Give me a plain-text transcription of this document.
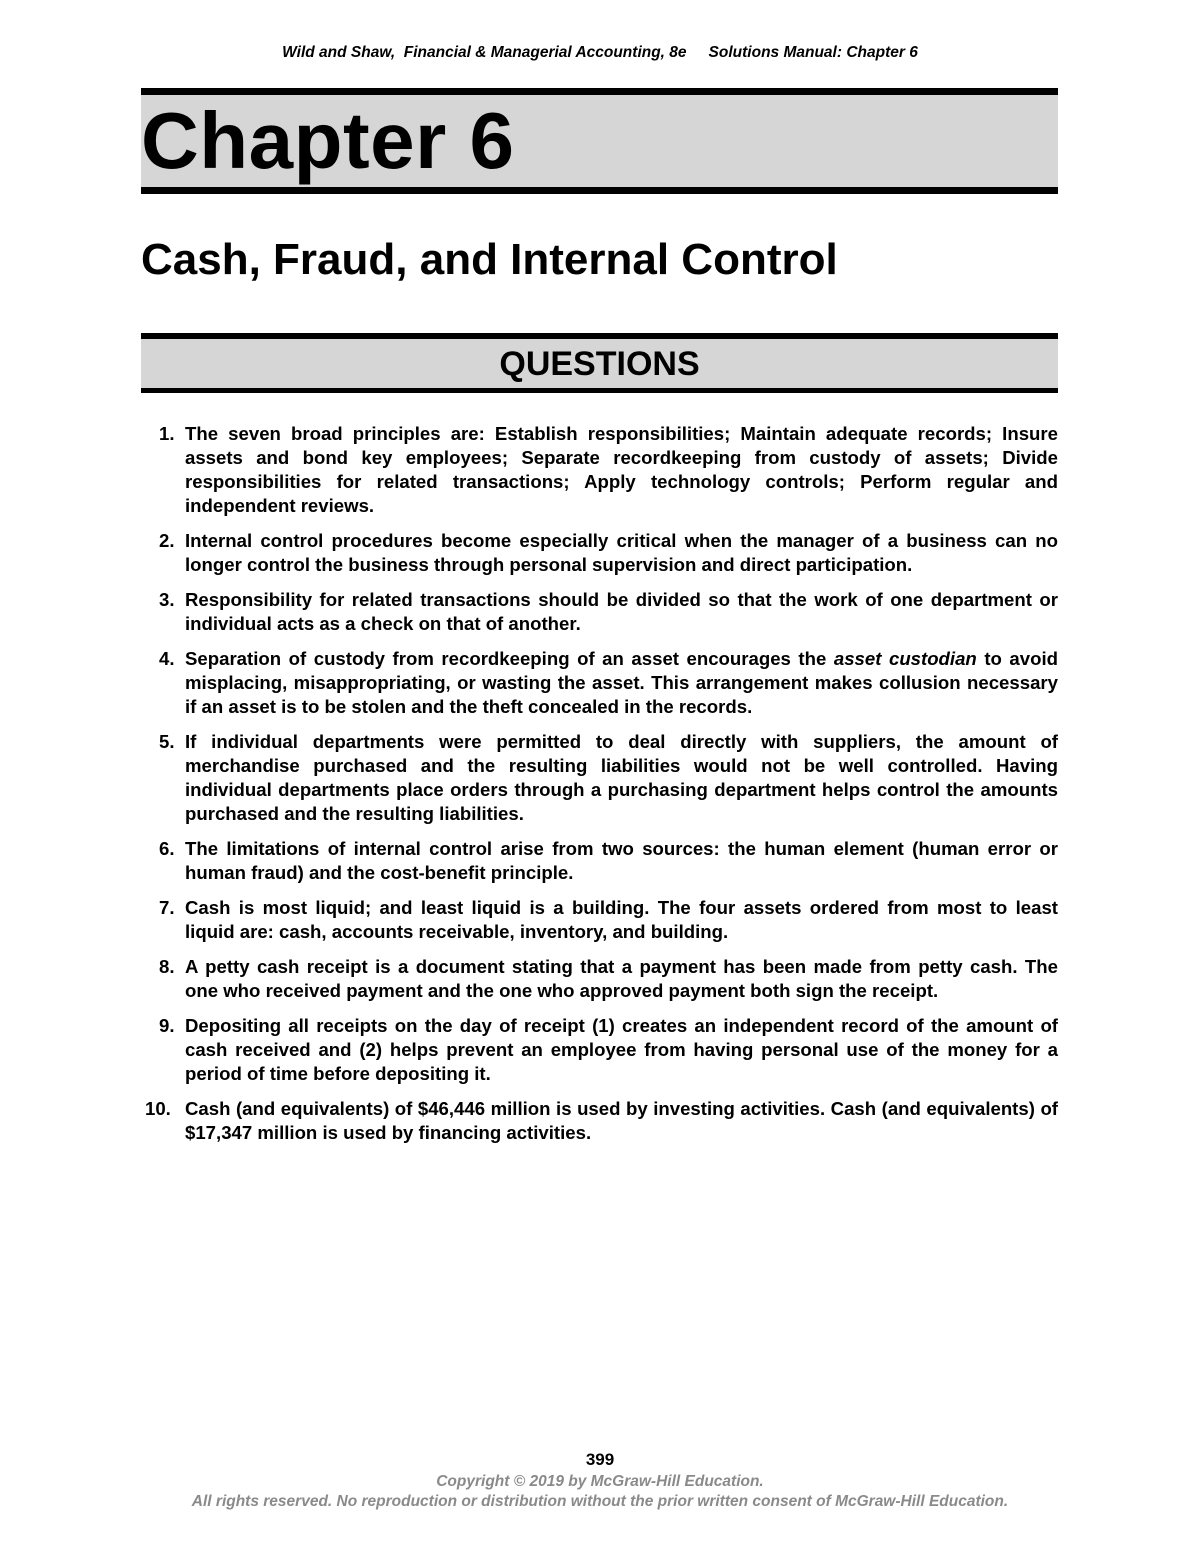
Wild and Shaw,  Financial & Managerial Accounting, 8e Solutions Manual: Chapter 6
Chapter 6
Cash, Fraud, and Internal Control
QUESTIONS
1. The seven broad principles are: Establish responsibilities; Maintain adequate records; Insure assets and bond key employees; Separate recordkeeping from custody of assets; Divide responsibilities for related transactions; Apply technology controls; Perform regular and independent reviews.
2. Internal control procedures become especially critical when the manager of a business can no longer control the business through personal supervision and direct participation.
3. Responsibility for related transactions should be divided so that the work of one department or individual acts as a check on that of another.
4. Separation of custody from recordkeeping of an asset encourages the asset custodian to avoid misplacing, misappropriating, or wasting the asset. This arrangement makes collusion necessary if an asset is to be stolen and the theft concealed in the records.
5. If individual departments were permitted to deal directly with suppliers, the amount of merchandise purchased and the resulting liabilities would not be well controlled. Having individual departments place orders through a purchasing department helps control the amounts purchased and the resulting liabilities.
6. The limitations of internal control arise from two sources: the human element (human error or human fraud) and the cost-benefit principle.
7. Cash is most liquid; and least liquid is a building. The four assets ordered from most to least liquid are: cash, accounts receivable, inventory, and building.
8. A petty cash receipt is a document stating that a payment has been made from petty cash. The one who received payment and the one who approved payment both sign the receipt.
9. Depositing all receipts on the day of receipt (1) creates an independent record of the amount of cash received and (2) helps prevent an employee from having personal use of the money for a period of time before depositing it.
10. Cash (and equivalents) of $46,446 million is used by investing activities. Cash (and equivalents) of $17,347 million is used by financing activities.
399
Copyright © 2019 by McGraw-Hill Education.
All rights reserved. No reproduction or distribution without the prior written consent of McGraw-Hill Education.
